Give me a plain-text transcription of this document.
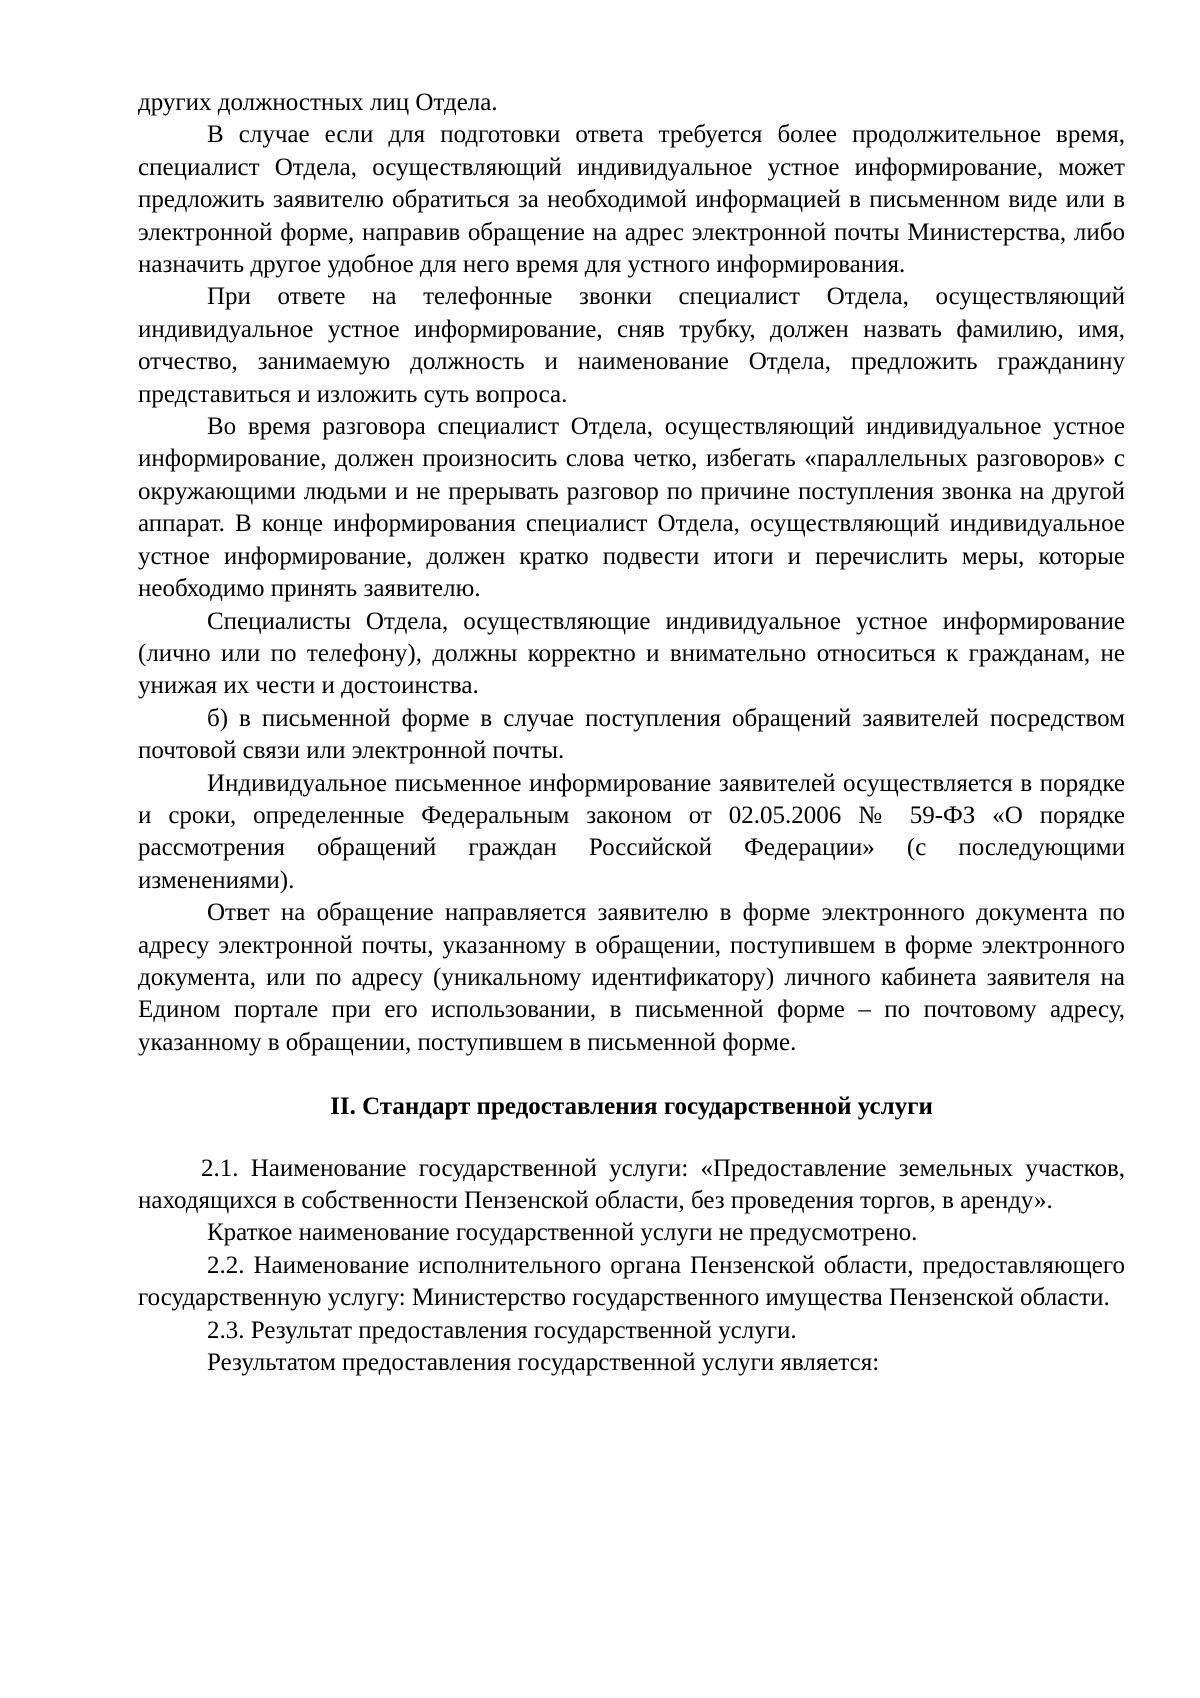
других должностных лиц Отдела.

В случае если для подготовки ответа требуется более продолжительное время, специалист Отдела, осуществляющий индивидуальное устное информирование, может предложить заявителю обратиться за необходимой информацией в письменном виде или в электронной форме, направив обращение на адрес электронной почты Министерства, либо назначить другое удобное для него время для устного информирования.

При ответе на телефонные звонки специалист Отдела, осуществляющий индивидуальное устное информирование, сняв трубку, должен назвать фамилию, имя, отчество, занимаемую должность и наименование Отдела, предложить гражданину представиться и изложить суть вопроса.

Во время разговора специалист Отдела, осуществляющий индивидуальное устное информирование, должен произносить слова четко, избегать «параллельных разговоров» с окружающими людьми и не прерывать разговор по причине поступления звонка на другой аппарат. В конце информирования специалист Отдела, осуществляющий индивидуальное устное информирование, должен кратко подвести итоги и перечислить меры, которые необходимо принять заявителю.

Специалисты Отдела, осуществляющие индивидуальное устное информирование (лично или по телефону), должны корректно и внимательно относиться к гражданам, не унижая их чести и достоинства.

б) в письменной форме в случае поступления обращений заявителей посредством почтовой связи или электронной почты.

Индивидуальное письменное информирование заявителей осуществляется в порядке и сроки, определенные Федеральным законом от 02.05.2006 № 59-ФЗ «О порядке рассмотрения обращений граждан Российской Федерации» (с последующими изменениями).

Ответ на обращение направляется заявителю в форме электронного документа по адресу электронной почты, указанному в обращении, поступившем в форме электронного документа, или по адресу (уникальному идентификатору) личного кабинета заявителя на Едином портале при его использовании, в письменной форме – по почтовому адресу, указанному в обращении, поступившем в письменной форме.

II. Стандарт предоставления государственной услуги

2.1. Наименование государственной услуги: «Предоставление земельных участков, находящихся в собственности Пензенской области, без проведения торгов, в аренду».

Краткое наименование государственной услуги не предусмотрено.

2.2. Наименование исполнительного органа Пензенской области, предоставляющего государственную услугу: Министерство государственного имущества Пензенской области.

2.3. Результат предоставления государственной услуги.

Результатом предоставления государственной услуги является:
